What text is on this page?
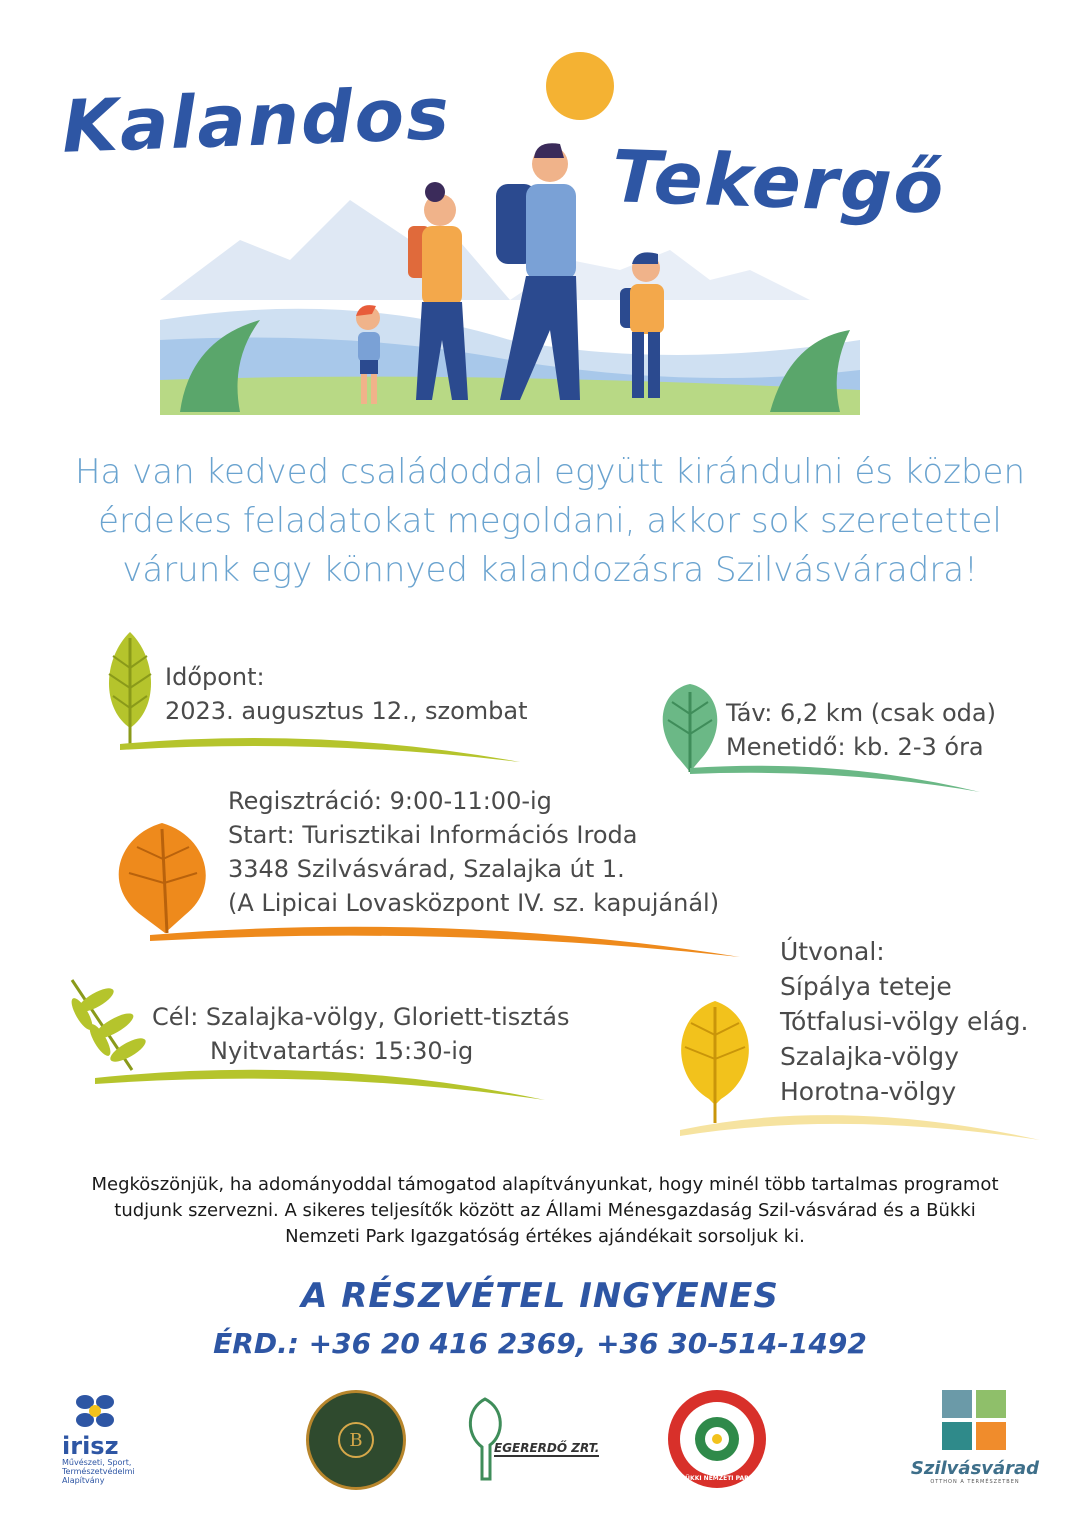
Kalandos
Tekergő
Ha van kedved családoddal együtt kirándulni és közben érdekes feladatokat megoldani, akkor sok szeretettel várunk egy könnyed kalandozásra Szilvásváradra!
Időpont:
2023. augusztus 12., szombat	Táv: 6,2 km (csak oda)
Menetidő: kb. 2-3 óra
Regisztráció: 9:00-11:00-ig
Start: Turisztikai Információs Iroda
3348 Szilvásvárad, Szalajka út 1.
(A Lipicai Lovasközpont IV. sz. kapujánál)
Útvonal:
Sípálya teteje
Tótfalusi-völgy elág.
Szalajka-völgy
Horotna-völgy
Cél: Szalajka-völgy, Gloriett-tisztás
Nyitvatartás: 15:30-ig
Megköszönjük, ha adományoddal támogatod alapítványunkat, hogy minél több tartalmas programot tudjunk szervezni. A sikeres teljesítők között az Állami Ménesgazdaság Szil-vásvárad és a Bükki Nemzeti Park Igazgatóság értékes ajándékait sorsoljuk ki.
A RÉSZVÉTEL INGYENES
ÉRD.: +36 20 416 2369, +36 30-514-1492
irisz
Művészeti, Sport,
Természetvédelmi
Alapítvány
B	EGERERDŐ ZRT.
BÜKKI NEMZETI PARK	Szilvásvárad
OTTHON A TERMÉSZETBEN
